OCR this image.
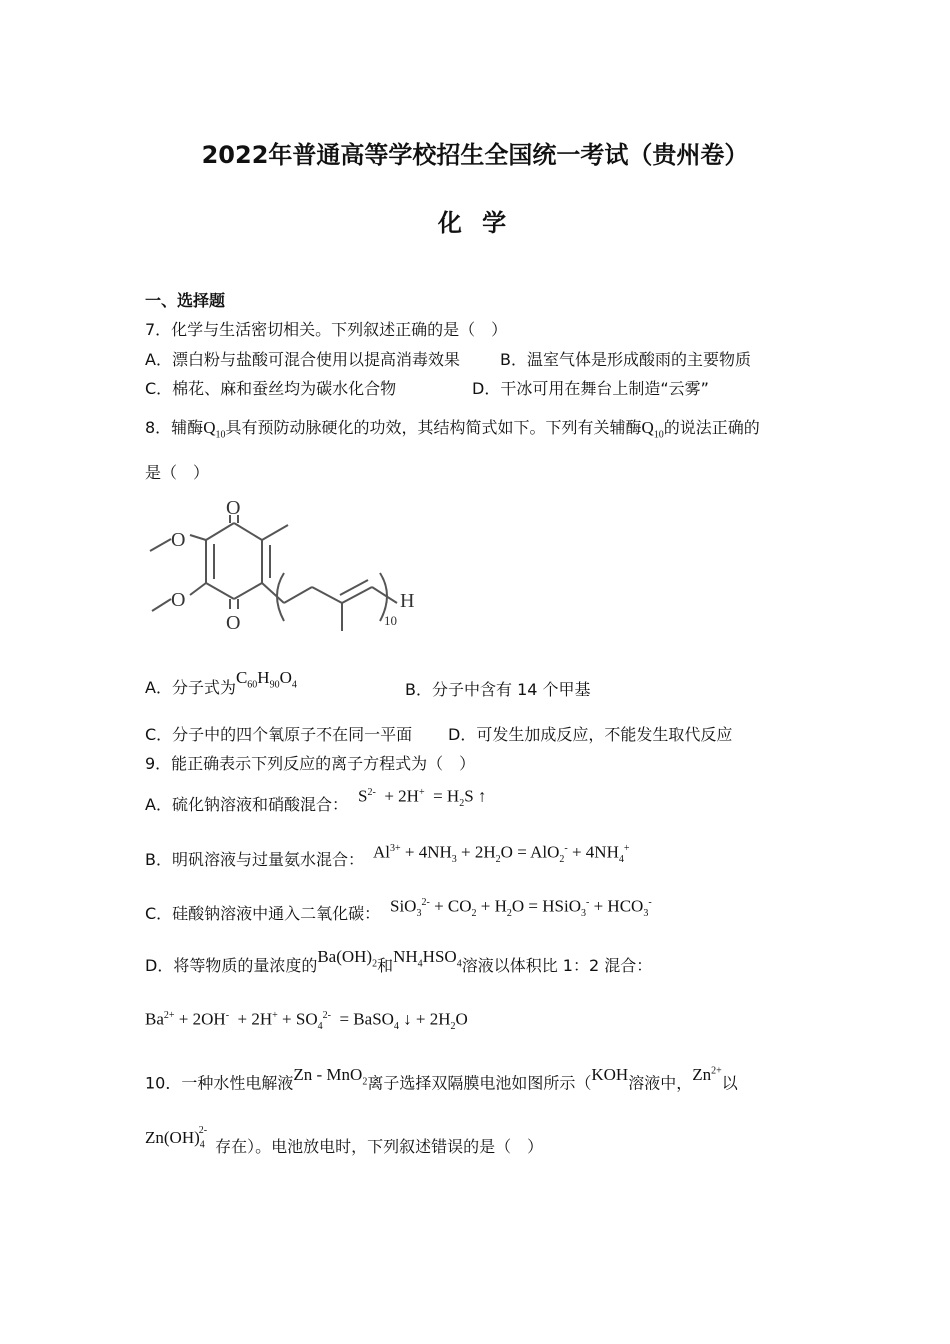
2022年普通高等学校招生全国统一考试（贵州卷）
化 学
一、选择题
7．化学与生活密切相关。下列叙述正确的是（　）
A．漂白粉与盐酸可混合使用以提高消毒效果	B．温室气体是形成酸雨的主要物质
C．棉花、麻和蚕丝均为碳水化合物	D．干冰可用在舞台上制造“云雾”
8．辅酶$Q_{10}$具有预防动脉硬化的功效，其结构简式如下。下列有关辅酶$Q_{10}$的说法正确的
是（　）
O
O
O
O	H
10
A．分子式为$C_{60}H_{90}O_4$	B．分子中含有 14 个甲基
C．分子中的四个氧原子不在同一平面 D．可发生加成反应，不能发生取代反应
9．能正确表示下列反应的离子方程式为（　）
A．硫化钠溶液和硝酸混合： $S^{2-} + 2H^+ = H_2S$ ↑
B．明矾溶液与过量氨水混合： $Al^{3+} + 4NH_3 + 2H_2O = AlO_2^- + 4NH_4^+$
C．硅酸钠溶液中通入二氧化碳： $SiO_3^{2-} + CO_2 + H_2O$ = HSiO$_3$- + $HCO_3^-$
D．将等物质的量浓度的$Ba(OH)_2$和$NH_4HSO_4$溶液以体积比 1：2 混合：
$Ba^{2+} + 2OH^- + 2H^+ + SO_4^{2-}$  = BaSO$_4$ ↓ + $2H_2O$
10．一种水性电解液Zn - MnO$_2$离子选择双隔膜电池如图所示（KOH溶液中，$Zn^{2+}$以
$Zn(OH)_4^{2-}$存在）。电池放电时，下列叙述错误的是（　）
